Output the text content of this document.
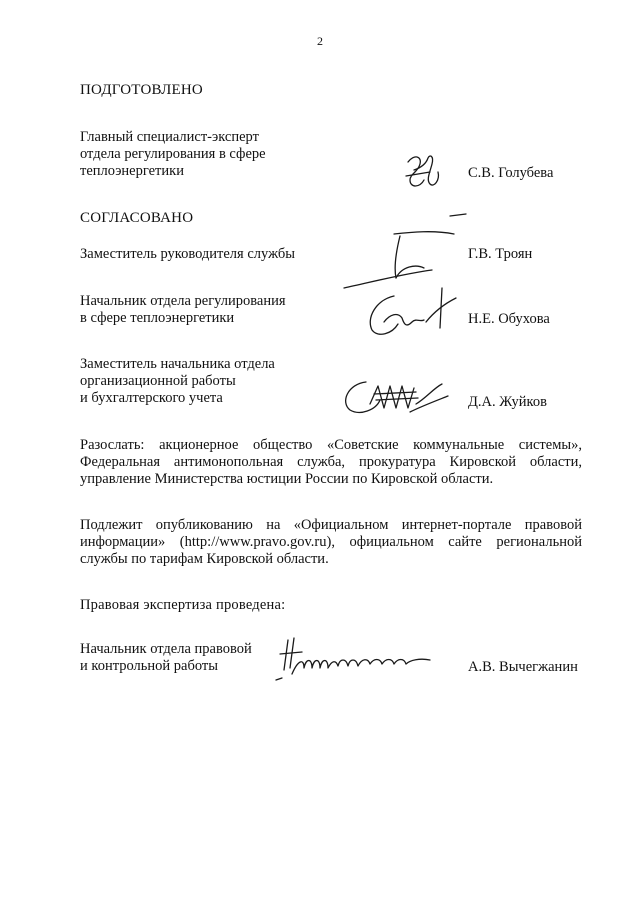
2
ПОДГОТОВЛЕНО
Главный специалист-эксперт
отдела регулирования в сфере
теплоэнергетики	С.В. Голубева
СОГЛАСОВАНО
Заместитель руководителя службы	Г.В. Троян
Начальник отдела регулирования
в сфере теплоэнергетики	Н.Е. Обухова
Заместитель начальника отдела
организационной работы
и бухгалтерского учета	Д.А. Жуйков
Разослать: акционерное общество «Советские коммунальные системы», Федеральная антимонопольная служба, прокуратура Кировской области, управление Министерства юстиции России по Кировской области.
Подлежит опубликованию на «Официальном интернет-портале правовой информации» (http://www.pravo.gov.ru), официальном сайте региональной службы по тарифам Кировской области.
Правовая экспертиза проведена:
Начальник отдела правовой
и контрольной работы	А.В. Вычегжанин
